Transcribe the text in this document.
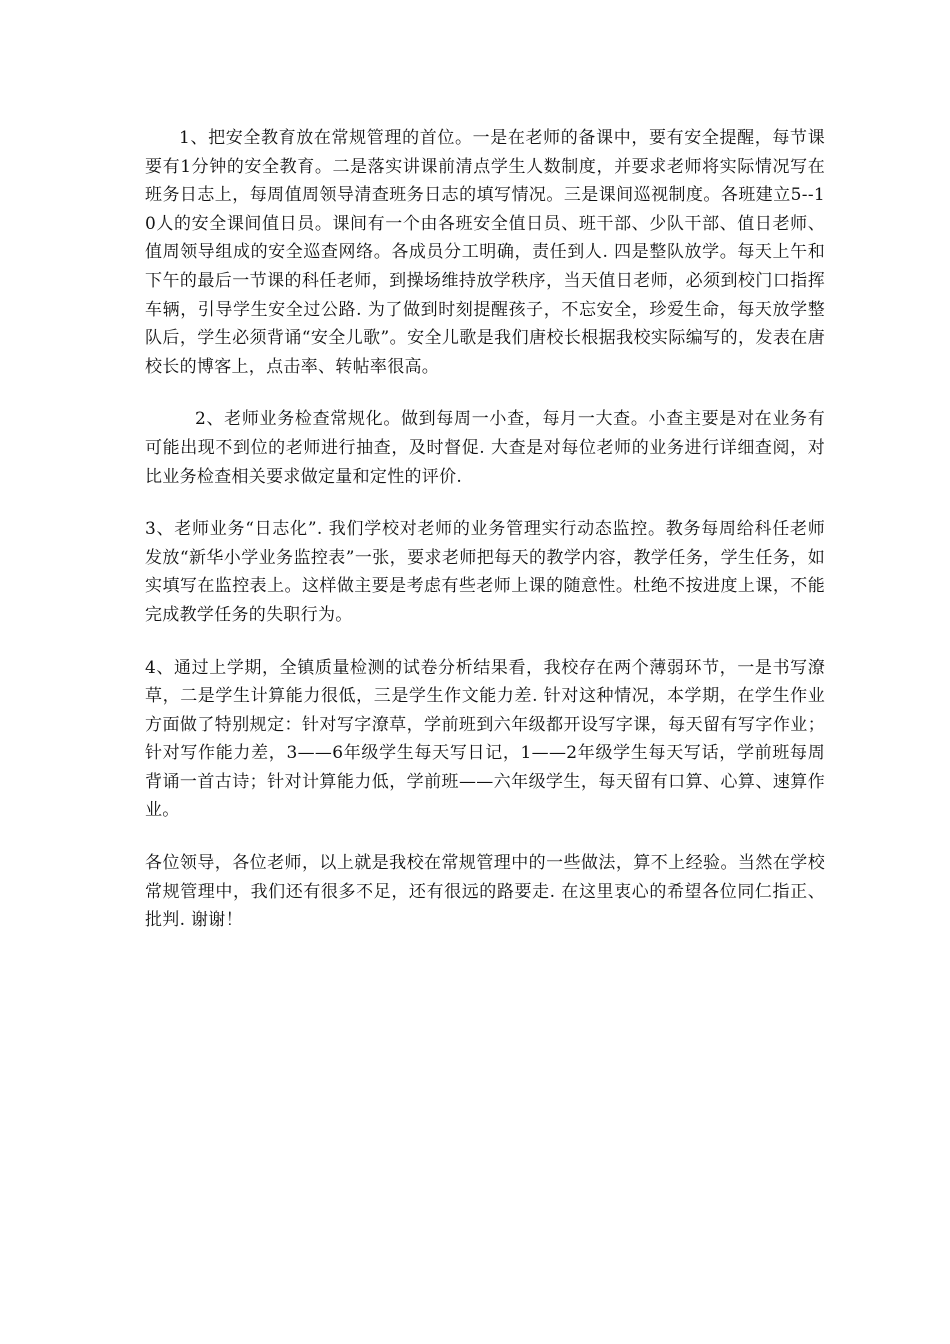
1、把安全教育放在常规管理的首位。一是在老师的备课中，要有安全提醒，每节课要有1分钟的安全教育。二是落实讲课前清点学生人数制度，并要求老师将实际情况写在班务日志上，每周值周领导清查班务日志的填写情况。三是课间巡视制度。各班建立5--10人的安全课间值日员。课间有一个由各班安全值日员、班干部、少队干部、值日老师、值周领导组成的安全巡查网络。各成员分工明确，责任到人. 四是整队放学。每天上午和下午的最后一节课的科任老师，到操场维持放学秩序，当天值日老师，必须到校门口指挥车辆，引导学生安全过公路. 为了做到时刻提醒孩子，不忘安全，珍爱生命，每天放学整队后，学生必须背诵“安全儿歌”。安全儿歌是我们唐校长根据我校实际编写的，发表在唐校长的博客上，点击率、转帖率很高。

2、老师业务检查常规化。做到每周一小查，每月一大查。小查主要是对在业务有可能出现不到位的老师进行抽查，及时督促. 大查是对每位老师的业务进行详细查阅，对比业务检查相关要求做定量和定性的评价.

3、老师业务“日志化”. 我们学校对老师的业务管理实行动态监控。教务每周给科任老师发放“新华小学业务监控表”一张，要求老师把每天的教学内容，教学任务，学生任务，如实填写在监控表上。这样做主要是考虑有些老师上课的随意性。杜绝不按进度上课，不能完成教学任务的失职行为。

4、通过上学期，全镇质量检测的试卷分析结果看，我校存在两个薄弱环节，一是书写潦草，二是学生计算能力很低，三是学生作文能力差. 针对这种情况，本学期，在学生作业方面做了特别规定：针对写字潦草，学前班到六年级都开设写字课，每天留有写字作业；针对写作能力差，3——6年级学生每天写日记，1——2年级学生每天写话，学前班每周背诵一首古诗；针对计算能力低，学前班——六年级学生，每天留有口算、心算、速算作业。

各位领导，各位老师，以上就是我校在常规管理中的一些做法，算不上经验。当然在学校常规管理中，我们还有很多不足，还有很远的路要走. 在这里衷心的希望各位同仁指正、批判. 谢谢！
